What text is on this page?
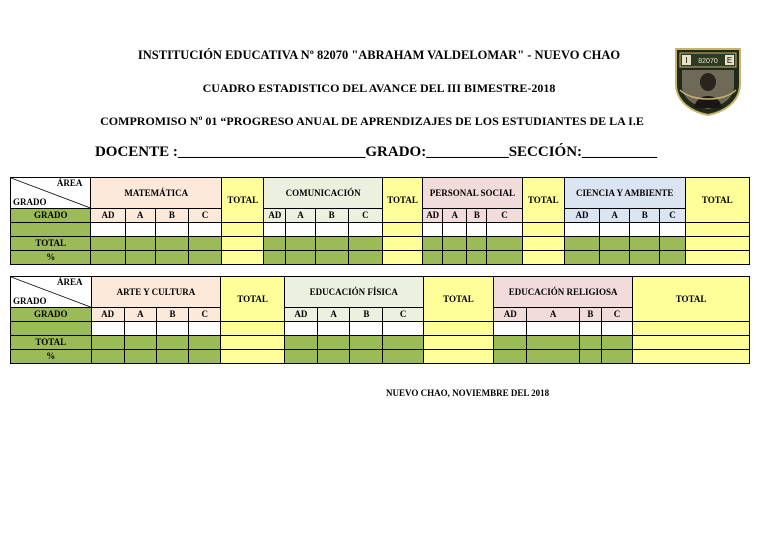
INSTITUCIÓN EDUCATIVA Nº 82070 "ABRAHAM VALDELOMAR" - NUEVO CHAO
CUADRO ESTADISTICO DEL AVANCE DEL III BIMESTRE-2018
COMPROMISO Nº 01 “PROGRESO ANUAL DE APRENDIZAJES DE LOS ESTUDIANTES DE LA I.E
DOCENTE :_________________________GRADO:___________SECCIÓN:__________
I 82070 E
ÁREA
GRADO	MATEMÁTICA				TOTAL	COMUNICACIÓN				TOTAL	PERSONAL SOCIAL				TOTAL	CIENCIA Y AMBIENTE				TOTAL
GRADO	AD	A	B	C		AD	A	B	C		AD	A	B	C		AD	A	B	C	

TOTAL																				
%																				
ÁREA
GRADO	ARTE Y CULTURA				TOTAL	EDUCACIÓN FÍSICA				TOTAL	EDUCACIÓN RELIGIOSA				TOTAL
GRADO	AD	A	B	C		AD	A	B	C		AD	A	B	C	

TOTAL															
%															
NUEVO CHAO, NOVIEMBRE DEL 2018
